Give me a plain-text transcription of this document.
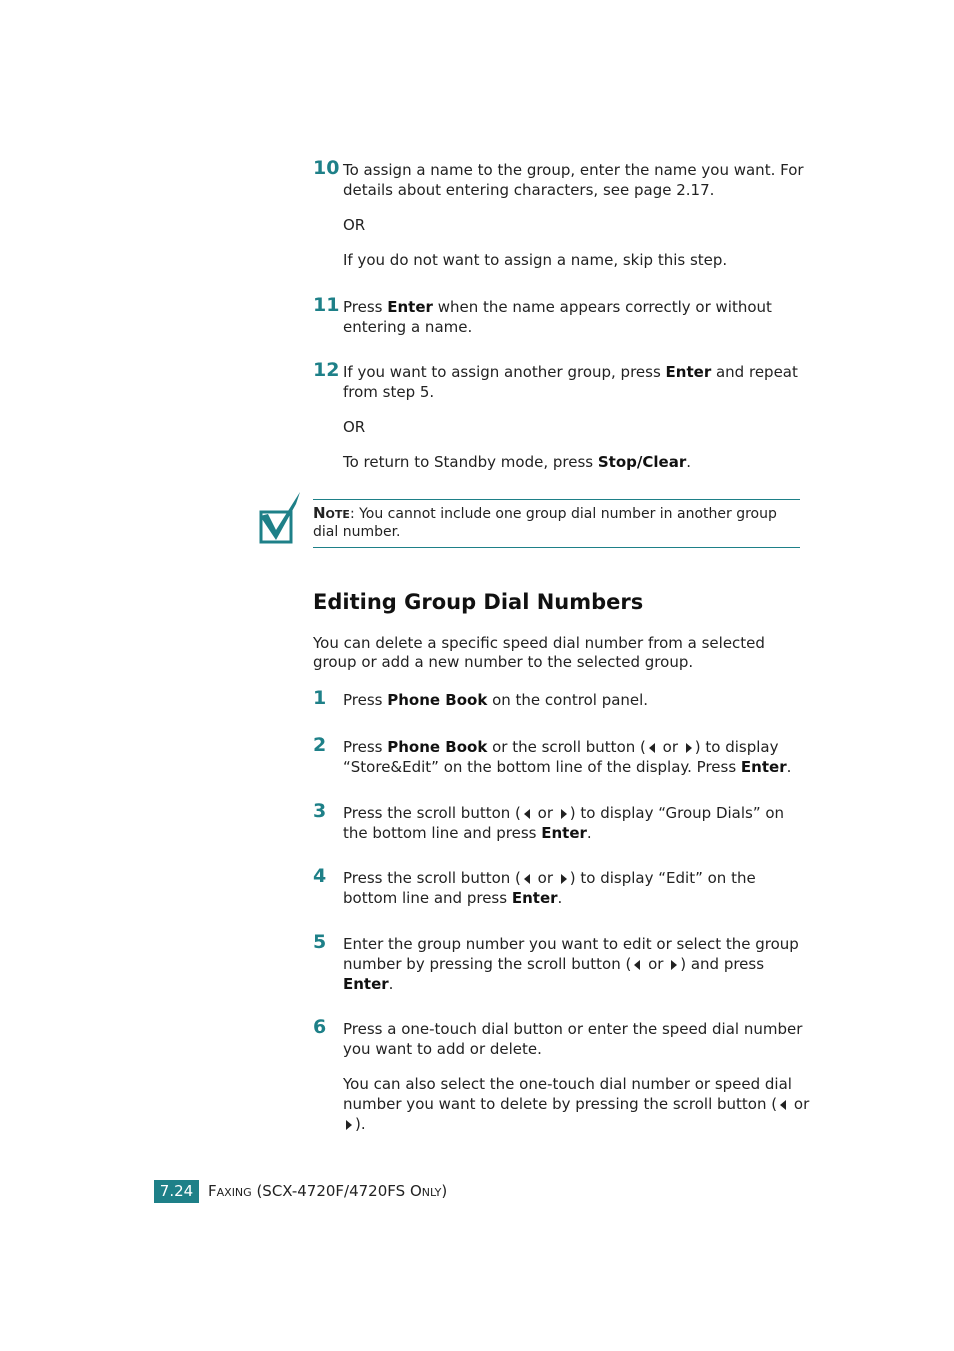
10 To assign a name to the group, enter the name you want. For details about entering characters, see page 2.17.

OR

If you do not want to assign a name, skip this step.

11 Press Enter when the name appears correctly or without entering a name.

12 If you want to assign another group, press Enter and repeat from step 5.

OR

To return to Standby mode, press Stop/Clear.

Note: You cannot include one group dial number in another group dial number.
Editing Group Dial Numbers
You can delete a specific speed dial number from a selected group or add a new number to the selected group.
1 Press Phone Book on the control panel.

2 Press Phone Book or the scroll button ( or ) to display “Store&Edit” on the bottom line of the display. Press Enter.

3 Press the scroll button ( or ) to display “Group Dials” on the bottom line and press Enter.

4 Press the scroll button ( or ) to display “Edit” on the bottom line and press Enter.

5 Enter the group number you want to edit or select the group number by pressing the scroll button ( or ) and press Enter.

6 Press a one-touch dial button or enter the speed dial number you want to add or delete.

You can also select the one-touch dial number or speed dial number you want to delete by pressing the scroll button ( or ).

7.24 Faxing (SCX-4720F/4720FS Only)
